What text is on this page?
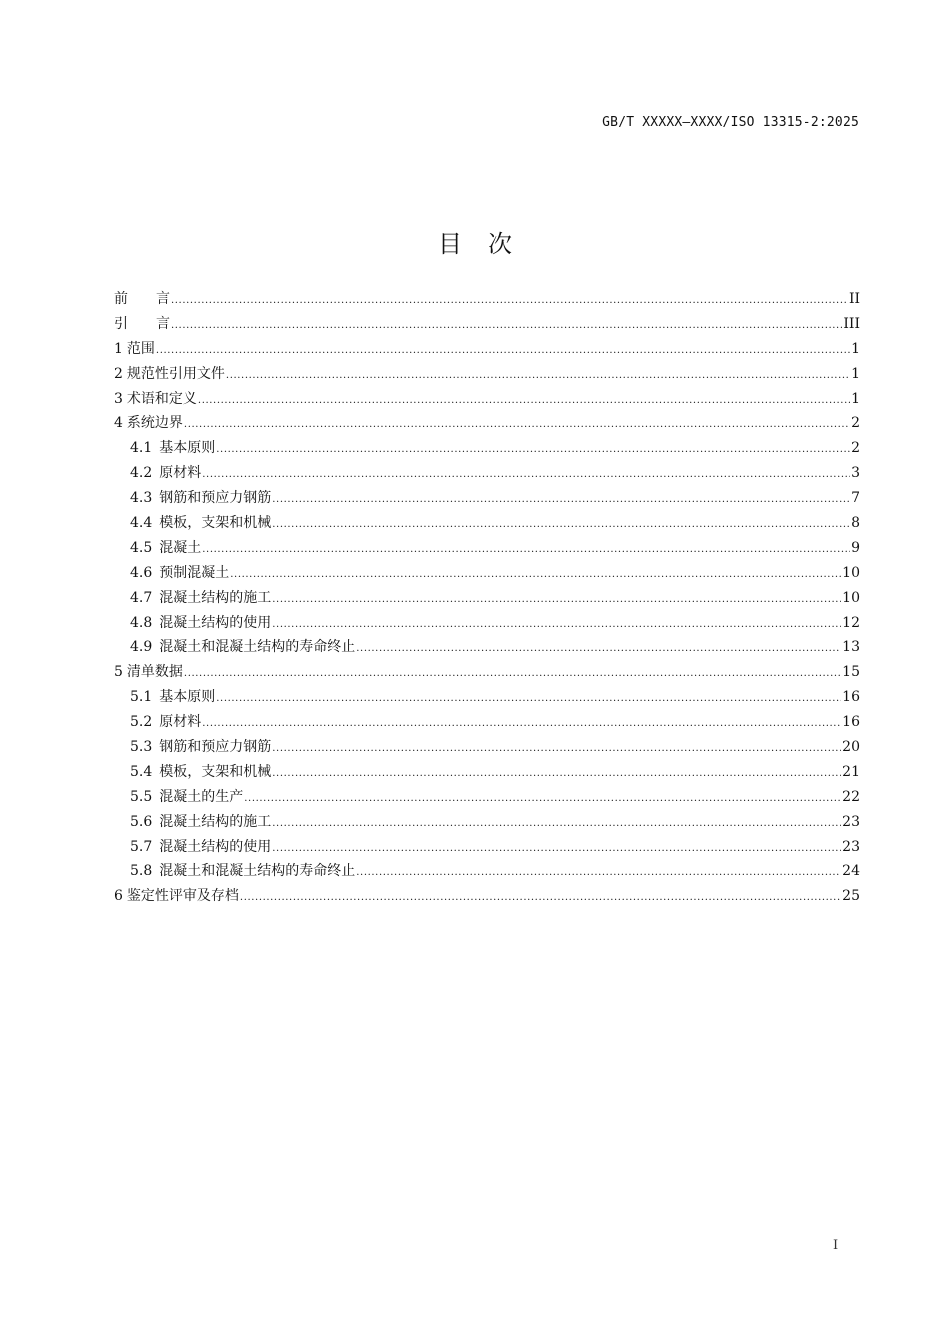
GB/T XXXXX—XXXX/ISO 13315-2:2025
目 次
前言 .....	II
引言 .....	III
1 范围 .....	1
2 规范性引用文件 .....	1
3 术语和定义 .....	1
4 系统边界 .....	2
4.1 基本原则 .....	2
4.2 原材料 .....	3
4.3 钢筋和预应力钢筋 .....	7
4.4 模板，支架和机械 .....	8
4.5 混凝土 .....	9
4.6 预制混凝土 .....	10
4.7 混凝土结构的施工 .....	10
4.8 混凝土结构的使用 .....	12
4.9 混凝土和混凝土结构的寿命终止 .....	13
5 清单数据 .....	15
5.1 基本原则 .....	16
5.2 原材料 .....	16
5.3 钢筋和预应力钢筋 .....	20
5.4 模板，支架和机械 .....	21
5.5 混凝土的生产 .....	22
5.6 混凝土结构的施工 .....	23
5.7 混凝土结构的使用 .....	23
5.8 混凝土和混凝土结构的寿命终止 .....	24
6 鉴定性评审及存档 .....	25
I
